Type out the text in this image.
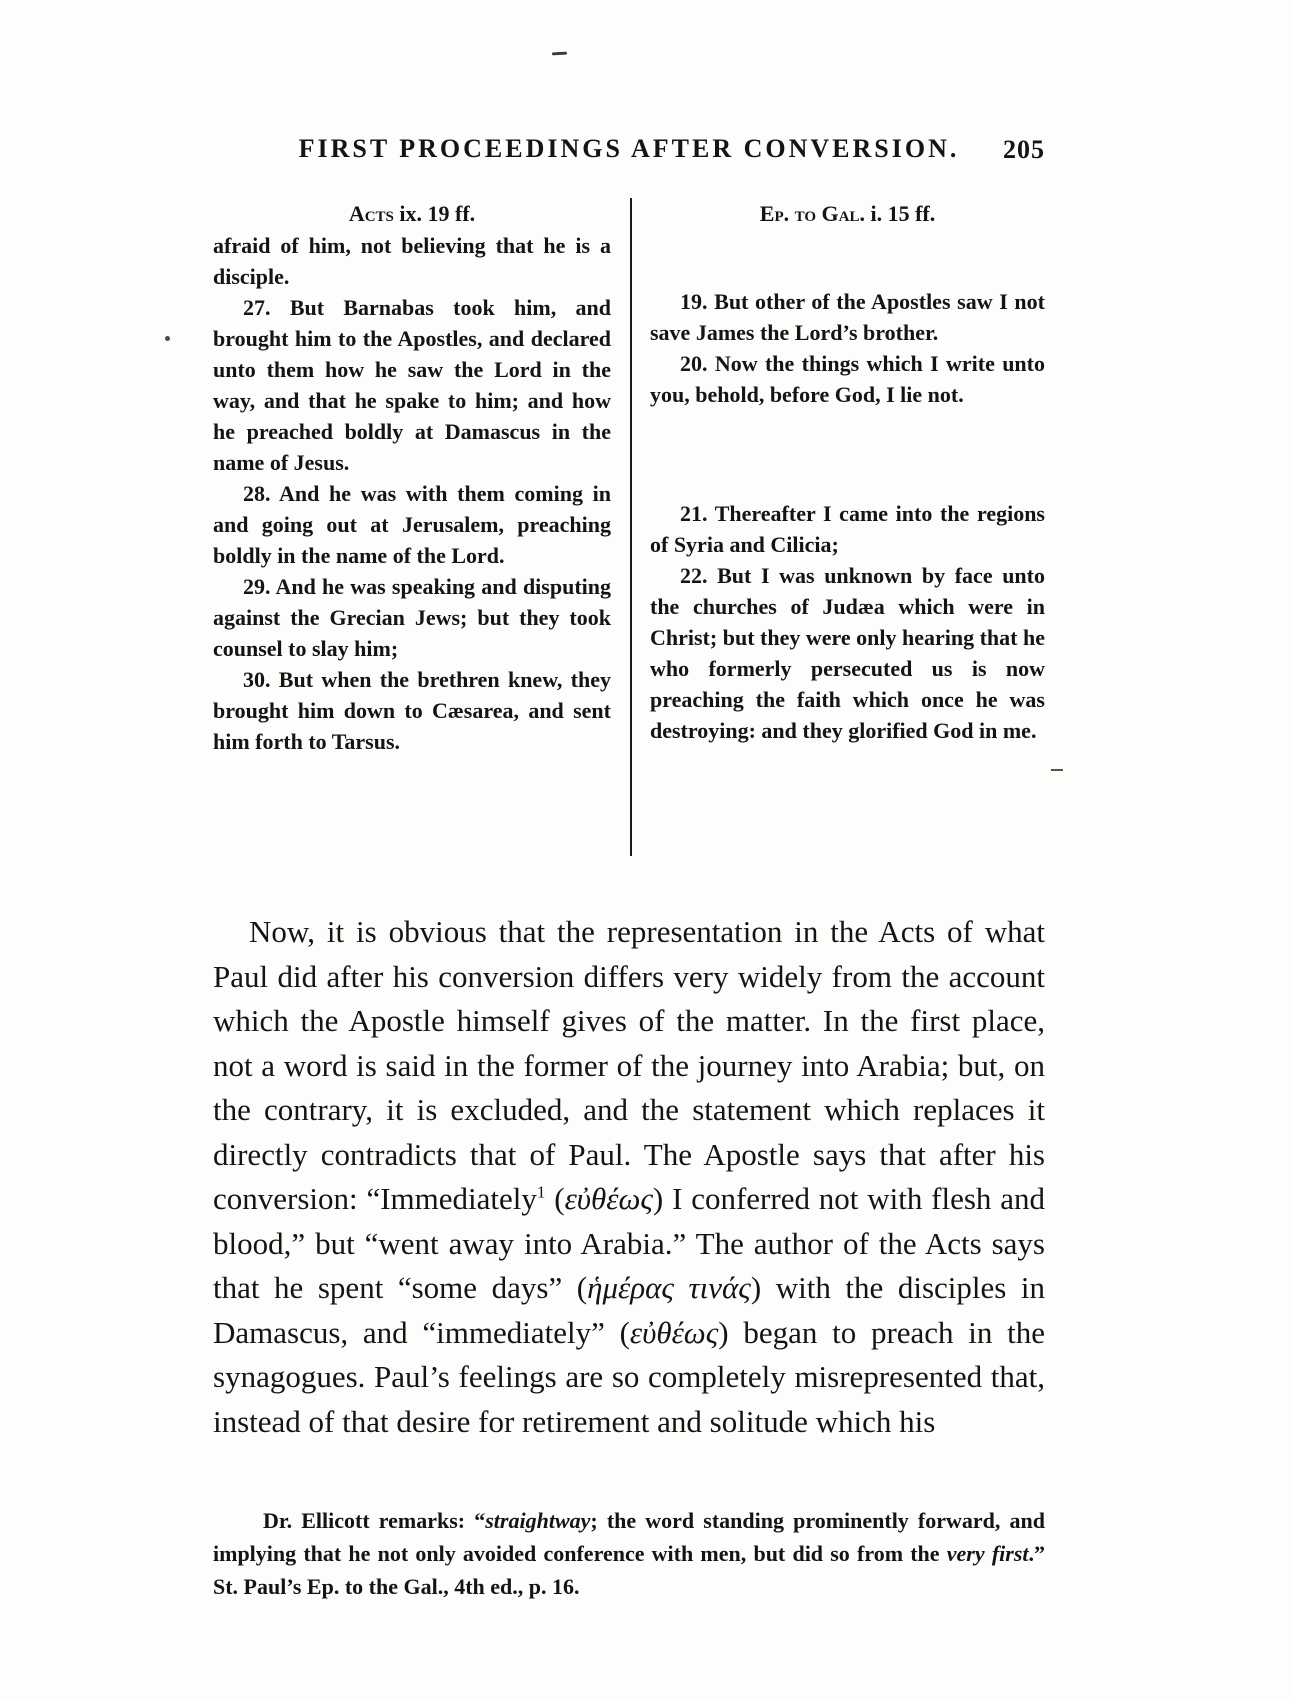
FIRST PROCEEDINGS AFTER CONVERSION. 205

Acts ix. 19 ff.

afraid of him, not believing that he is a disciple.

27. But Barnabas took him, and brought him to the Apostles, and declared unto them how he saw the Lord in the way, and that he spake to him; and how he preached boldly at Damascus in the name of Jesus.

28. And he was with them coming in and going out at Jerusalem, preaching boldly in the name of the Lord.

29. And he was speaking and disputing against the Grecian Jews; but they took counsel to slay him;

30. But when the brethren knew, they brought him down to Cæsarea, and sent him forth to Tarsus.

Ep. to Gal. i. 15 ff.

19. But other of the Apostles saw I not save James the Lord’s brother.

20. Now the things which I write unto you, behold, before God, I lie not.

21. Thereafter I came into the regions of Syria and Cilicia;

22. But I was unknown by face unto the churches of Judæa which were in Christ; but they were only hearing that he who formerly persecuted us is now preaching the faith which once he was destroying: and they glorified God in me.

Now, it is obvious that the representation in the Acts of what Paul did after his conversion differs very widely from the account which the Apostle himself gives of the matter. In the first place, not a word is said in the former of the journey into Arabia; but, on the contrary, it is excluded, and the statement which replaces it directly contradicts that of Paul. The Apostle says that after his conversion: “Immediately$^1$ (εὐθέως) I conferred not with flesh and blood,” but “went away into Arabia.” The author of the Acts says that he spent “some days” (ἡμέρας τινάς) with the disciples in Damascus, and “immediately” (εὐθέως) began to preach in the synagogues. Paul’s feelings are so completely misrepresented that, instead of that desire for retirement and solitude which his
Dr. Ellicott remarks: “straightway; the word standing prominently forward, and implying that he not only avoided conference with men, but did so from the very first.” St. Paul’s Ep. to the Gal., 4th ed., p. 16.
